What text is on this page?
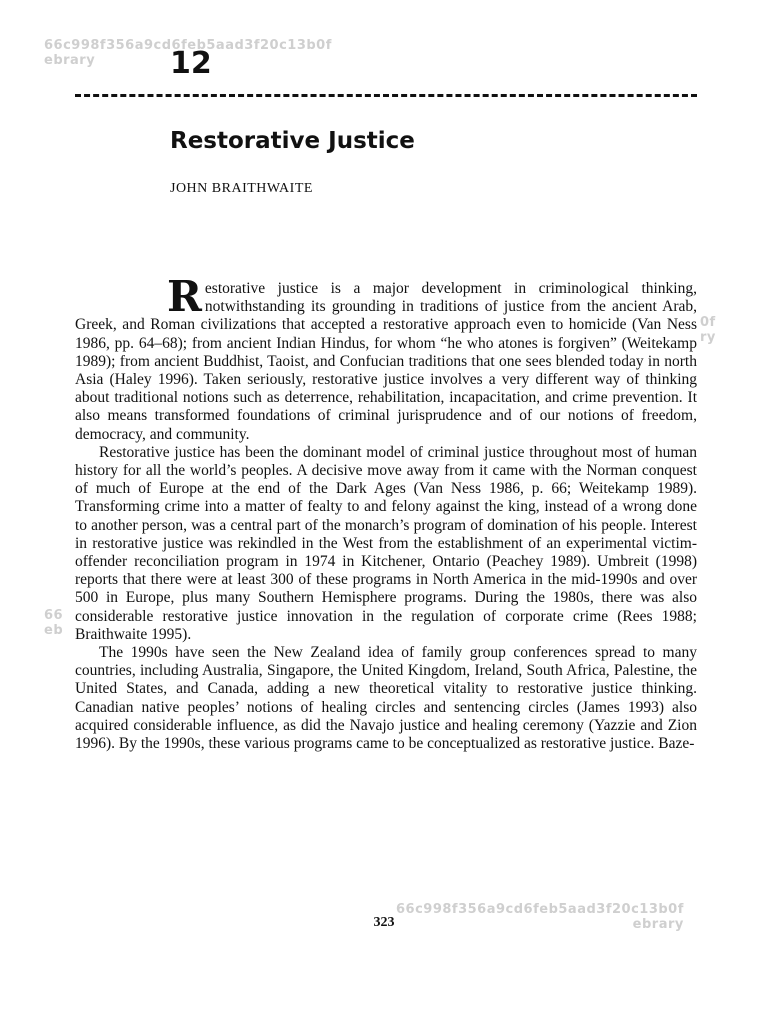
66c998f356a9cd6feb5aad3f20c13b0f
ebrary
0f
ry
66
eb
12
Restorative Justice
JOHN BRAITHWAITE

Restorative justice is a major development in criminological thinking, notwithstanding its grounding in traditions of justice from the ancient Arab, Greek, and Roman civilizations that accepted a restorative approach even to homicide (Van Ness 1986, pp. 64–68); from ancient Indian Hindus, for whom “he who atones is forgiven” (Weitekamp 1989); from ancient Buddhist, Taoist, and Confucian traditions that one sees blended today in north Asia (Haley 1996). Taken seriously, restorative justice involves a very different way of thinking about traditional notions such as deterrence, rehabilitation, incapacitation, and crime prevention. It also means transformed foundations of criminal jurisprudence and of our notions of freedom, democracy, and community.

Restorative justice has been the dominant model of criminal justice throughout most of human history for all the world’s peoples. A decisive move away from it came with the Norman conquest of much of Europe at the end of the Dark Ages (Van Ness 1986, p. 66; Weitekamp 1989). Transforming crime into a matter of fealty to and felony against the king, instead of a wrong done to another person, was a central part of the monarch’s program of domination of his people. Interest in restorative justice was rekindled in the West from the establishment of an experimental victim-offender reconciliation program in 1974 in Kitchener, Ontario (Peachey 1989). Umbreit (1998) reports that there were at least 300 of these programs in North America in the mid-1990s and over 500 in Europe, plus many Southern Hemisphere programs. During the 1980s, there was also considerable restorative justice innovation in the regulation of corporate crime (Rees 1988; Braithwaite 1995).

The 1990s have seen the New Zealand idea of family group conferences spread to many countries, including Australia, Singapore, the United Kingdom, Ireland, South Africa, Palestine, the United States, and Canada, adding a new theoretical vitality to restorative justice thinking. Canadian native peoples’ notions of healing circles and sentencing circles (James 1993) also acquired considerable influence, as did the Navajo justice and healing ceremony (Yazzie and Zion 1996). By the 1990s, these various programs came to be conceptualized as restorative justice. Baze-

66c998f356a9cd6feb5aad3f20c13b0f
ebrary
323
